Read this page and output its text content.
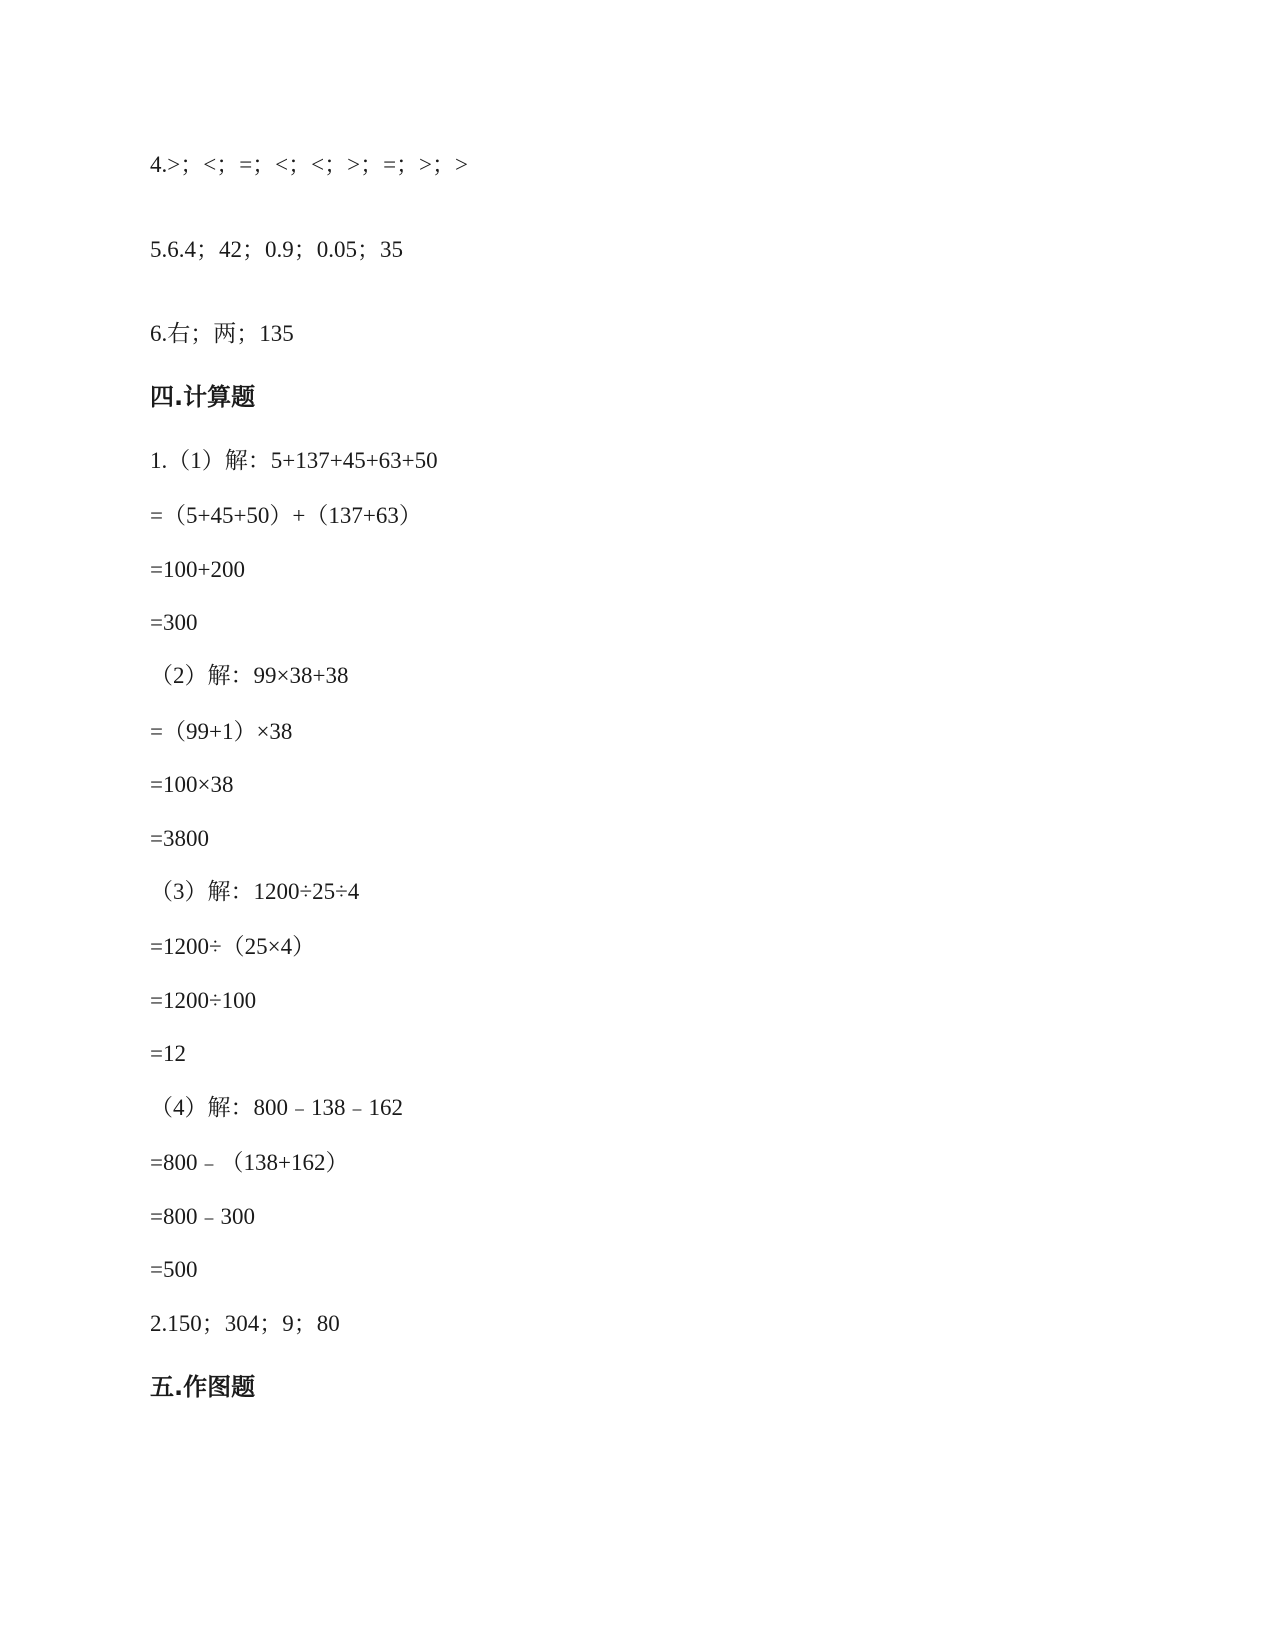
4.>；<；=；<；<；>；=；>；>
5.6.4；42；0.9；0.05；35
6.右；两；135
四.计算题
1.（1）解：5+137+45+63+50
=（5+45+50）+（137+63）
=100+200
=300
（2）解：99×38+38
=（99+1）×38
=100×38
=3800
（3）解：1200÷25÷4
=1200÷（25×4）
=1200÷100
=12
（4）解：800﹣138﹣162
=800﹣（138+162）
=800﹣300
=500
2.150；304；9；80
五.作图题
